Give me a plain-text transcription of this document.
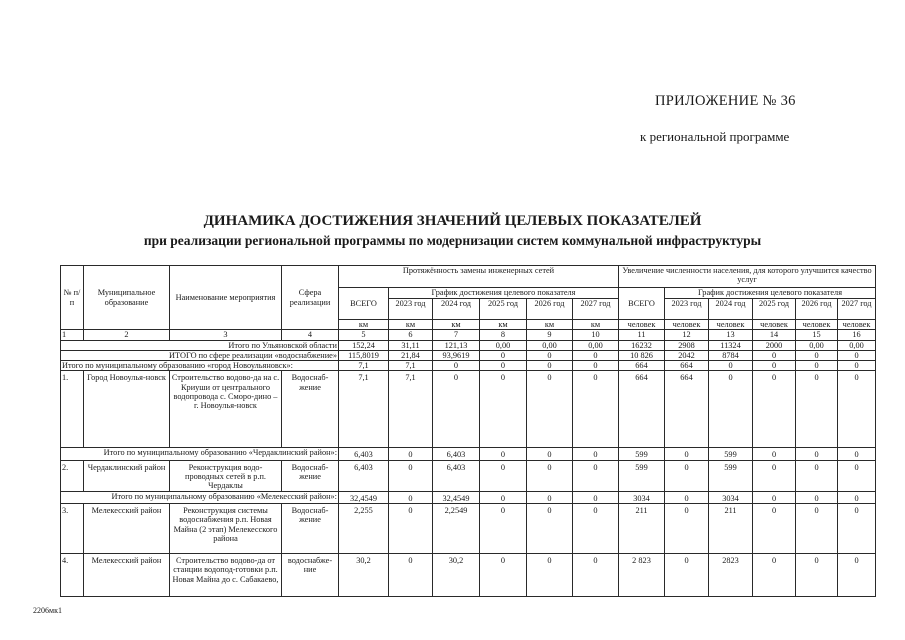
ПРИЛОЖЕНИЕ № 36
к региональной программе
ДИНАМИКА ДОСТИЖЕНИЯ ЗНАЧЕНИЙ ЦЕЛЕВЫХ ПОКАЗАТЕЛЕЙ
при реализации региональной программы по модернизации систем коммунальной инфраструктуры
№ п/п	Муниципальное образование	Наименование мероприятия	Сфера реализации	Протяжённость замены инженерных сетей						Увеличение численности населения, для которого улучшится качество услуг					
				ВСЕГО	График достижения целевого показателя					ВСЕГО	График достижения целевого показателя				
					2023 год	2024 год	2025 год	2026 год	2027 год		2023 год	2024 год	2025 год	2026 год	2027 год
				км	км	км	км	км	км	человек	человек	человек	человек	человек	человек
1	2	3	4	5	6	7	8	9	10	11	12	13	14	15	16
Итого по Ульяновской области				152,24	31,11	121,13	0,00	0,00	0,00	16232	2908	11324	2000	0,00	0,00
ИТОГО по сфере реализации «водоснабжение»				115,8019	21,84	93,9619	0	0	0	10 826	2042	8784	0	0	0
Итого по муниципальному образованию «город Новоульяновск»:				7,1	7,1	0	0	0	0	664	664	0	0	0	0
1.	Город Новоулья-новск	Строительство водово-да на с. Криуши от центрального водопровода с. Сморо-дино – г. Новоулья-новск	Водоснаб-жение	7,1	7,1	0	0	0	0	664	664	0	0	0	0
Итого по муниципальному образованию «Чердаклинский район»:				6,403	0	6,403	0	0	0	599	0	599	0	0	0
2.	Чердаклинский район	Реконструкция водо-проводных сетей в р.п. Чердаклы	Водоснаб-жение	6,403	0	6,403	0	0	0	599	0	599	0	0	0
Итого по муниципальному образованию «Мелекесский район»:				32,4549	0	32,4549	0	0	0	3034	0	3034	0	0	0
3.	Мелекесский район	Реконструкция системы водоснабжения р.п. Новая Майна (2 этап) Мелекесского района	Водоснаб-жение	2,255	0	2,2549	0	0	0	211	0	211	0	0	0
4.	Мелекесский район	Строительство водово-да от станции водопод-готовки р.п. Новая Майна до с. Сабакаево,	водоснабже-ние	30,2	0	30,2	0	0	0	2 823	0	2823	0	0	0
2206мк1
